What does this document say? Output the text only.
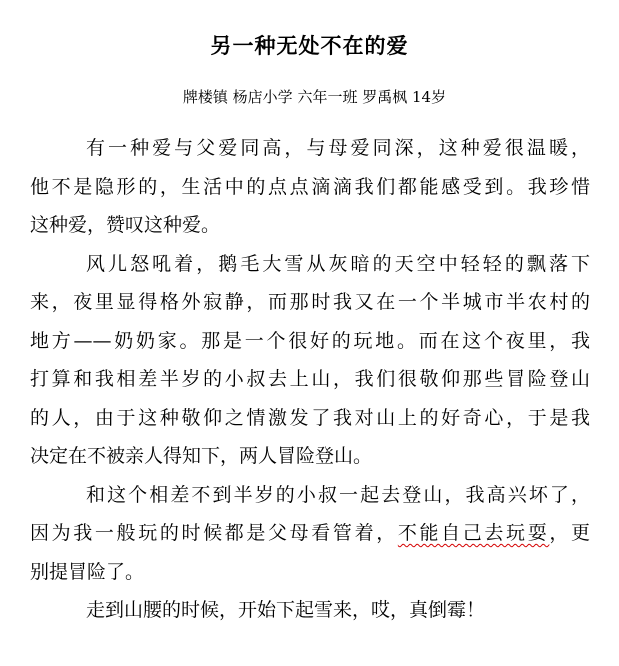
另一种无处不在的爱
牌楼镇 杨店小学 六年一班 罗禹枫 14岁
有一种爱与父爱同高，与母爱同深，这种爱很温暖，
他不是隐形的，生活中的点点滴滴我们都能感受到。我珍惜
这种爱，赞叹这种爱。
风儿怒吼着，鹅毛大雪从灰暗的天空中轻轻的飘落下
来，夜里显得格外寂静，而那时我又在一个半城市半农村的
地方——奶奶家。那是一个很好的玩地。而在这个夜里，我
打算和我相差半岁的小叔去上山，我们很敬仰那些冒险登山
的人，由于这种敬仰之情激发了我对山上的好奇心，于是我
决定在不被亲人得知下，两人冒险登山。
和这个相差不到半岁的小叔一起去登山，我高兴坏了，
因为我一般玩的时候都是父母看管着，不能自己去玩耍，更
别提冒险了。
走到山腰的时候，开始下起雪来，哎，真倒霉！
